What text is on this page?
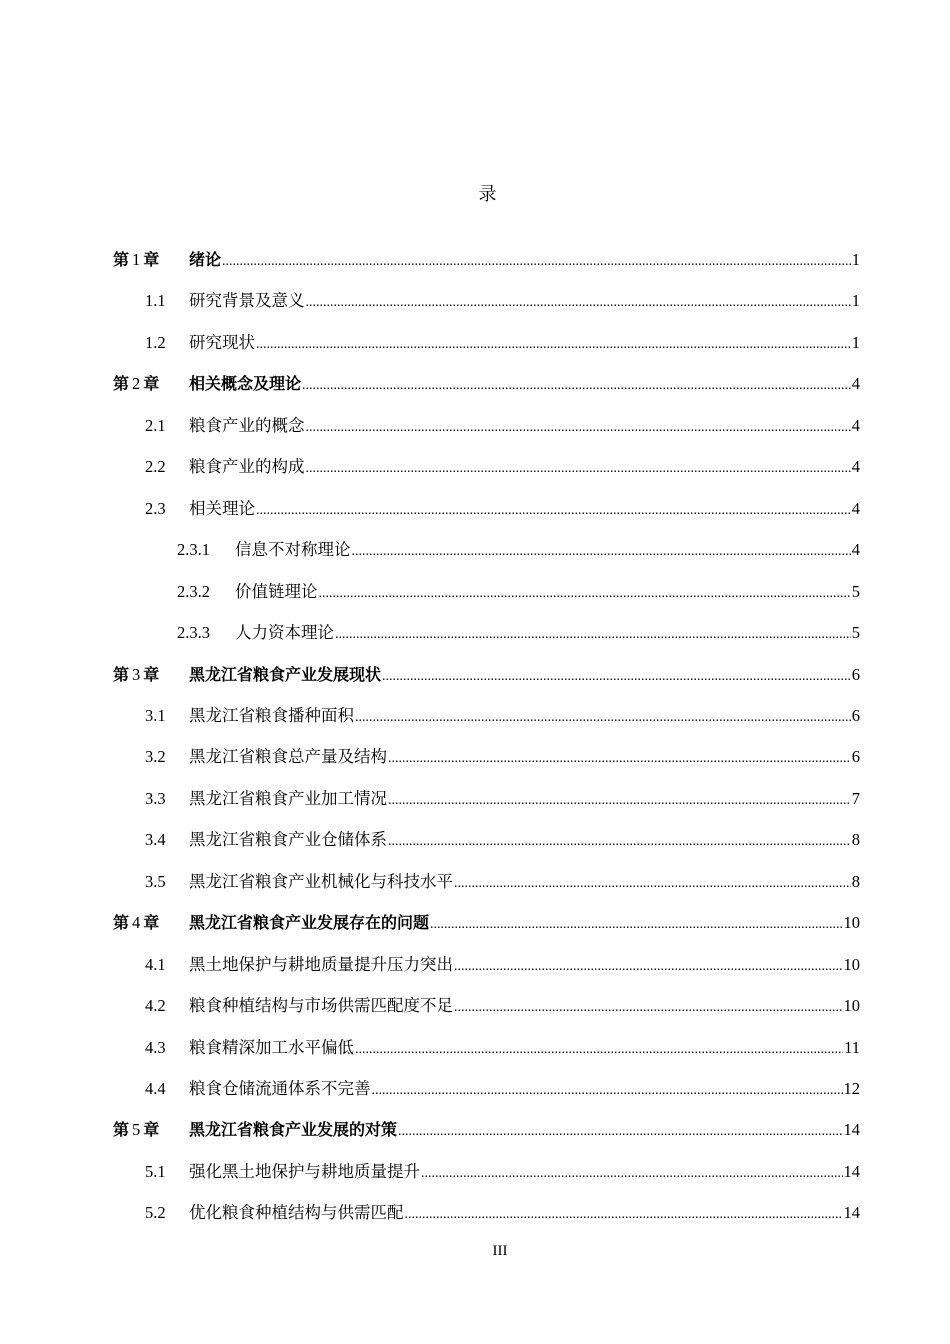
录
第 1 章	绪论 .....	1
1.1	研究背景及意义 .....	1
1.2	研究现状 .....	1
第 2 章	相关概念及理论 .....	4
2.1	粮食产业的概念 .....	4
2.2	粮食产业的构成 .....	4
2.3	相关理论 .....	4
2.3.1	信息不对称理论 .....	4
2.3.2	价值链理论 .....	5
2.3.3	人力资本理论 .....	5
第 3 章	黑龙江省粮食产业发展现状 .....	6
3.1	黑龙江省粮食播种面积 .....	6
3.2	黑龙江省粮食总产量及结构 .....	6
3.3	黑龙江省粮食产业加工情况 .....	7
3.4	黑龙江省粮食产业仓储体系 .....	8
3.5	黑龙江省粮食产业机械化与科技水平 .....	8
第 4 章	黑龙江省粮食产业发展存在的问题 .....	10
4.1	黑土地保护与耕地质量提升压力突出 .....	10
4.2	粮食种植结构与市场供需匹配度不足 .....	10
4.3	粮食精深加工水平偏低 .....	11
4.4	粮食仓储流通体系不完善 .....	12
第 5 章	黑龙江省粮食产业发展的对策 .....	14
5.1	强化黑土地保护与耕地质量提升 .....	14
5.2	优化粮食种植结构与供需匹配 .....	14
III
